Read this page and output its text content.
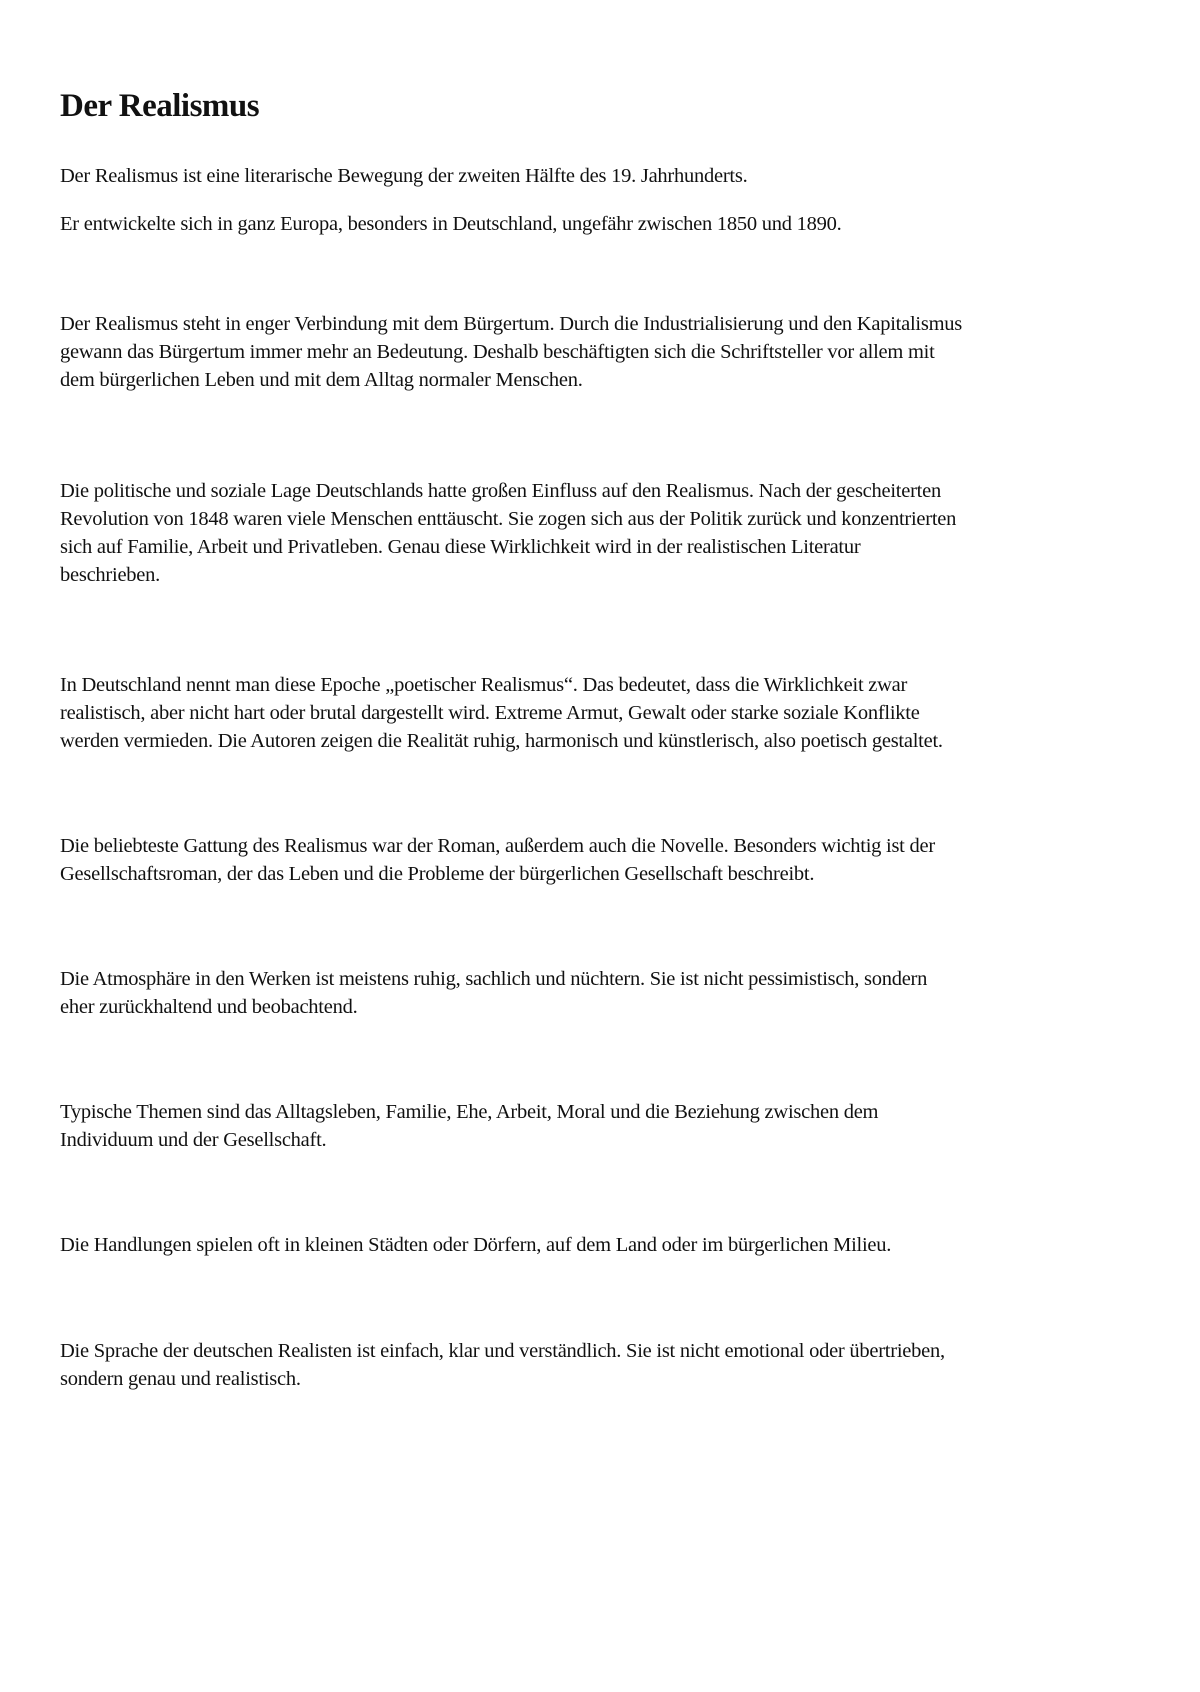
Der Realismus

Der Realismus ist eine literarische Bewegung der zweiten Hälfte des 19. Jahrhunderts.

Er entwickelte sich in ganz Europa, besonders in Deutschland, ungefähr zwischen 1850 und 1890.

Der Realismus steht in enger Verbindung mit dem Bürgertum. Durch die Industrialisierung und den Kapitalismus
gewann das Bürgertum immer mehr an Bedeutung. Deshalb beschäftigten sich die Schriftsteller vor allem mit
dem bürgerlichen Leben und mit dem Alltag normaler Menschen.

Die politische und soziale Lage Deutschlands hatte großen Einfluss auf den Realismus. Nach der gescheiterten
Revolution von 1848 waren viele Menschen enttäuscht. Sie zogen sich aus der Politik zurück und konzentrierten
sich auf Familie, Arbeit und Privatleben. Genau diese Wirklichkeit wird in der realistischen Literatur
beschrieben.

In Deutschland nennt man diese Epoche „poetischer Realismus“. Das bedeutet, dass die Wirklichkeit zwar
realistisch, aber nicht hart oder brutal dargestellt wird. Extreme Armut, Gewalt oder starke soziale Konflikte
werden vermieden. Die Autoren zeigen die Realität ruhig, harmonisch und künstlerisch, also poetisch gestaltet.

Die beliebteste Gattung des Realismus war der Roman, außerdem auch die Novelle. Besonders wichtig ist der
Gesellschaftsroman, der das Leben und die Probleme der bürgerlichen Gesellschaft beschreibt.

Die Atmosphäre in den Werken ist meistens ruhig, sachlich und nüchtern. Sie ist nicht pessimistisch, sondern
eher zurückhaltend und beobachtend.

Typische Themen sind das Alltagsleben, Familie, Ehe, Arbeit, Moral und die Beziehung zwischen dem
Individuum und der Gesellschaft.

Die Handlungen spielen oft in kleinen Städten oder Dörfern, auf dem Land oder im bürgerlichen Milieu.

Die Sprache der deutschen Realisten ist einfach, klar und verständlich. Sie ist nicht emotional oder übertrieben,
sondern genau und realistisch.
